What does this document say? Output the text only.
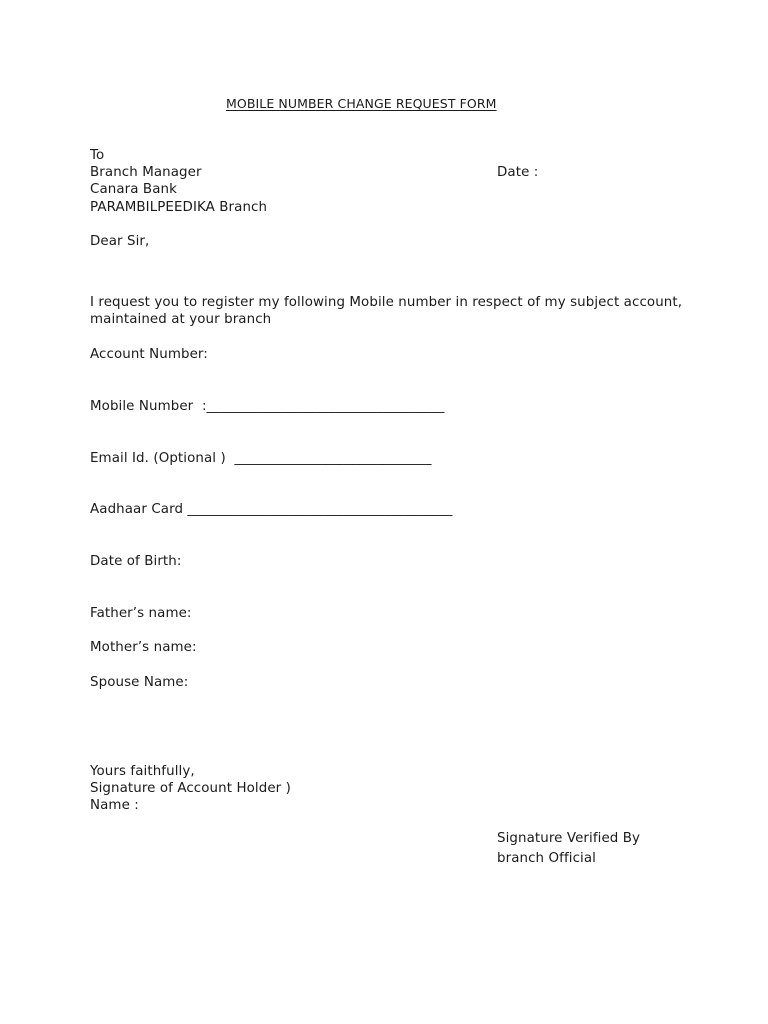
MOBILE NUMBER CHANGE REQUEST FORM
To
Branch Manager	Date :
Canara Bank
PARAMBILPEEDIKA Branch
Dear Sir,
I request you to register my following Mobile number in respect of my subject account,
maintained at your branch
Account Number:
Mobile Number  :___________________________________
Email Id. (Optional )  _____________________________
Aadhaar Card _______________________________________
Date of Birth:
Father’s name:
Mother’s name:
Spouse Name:
Yours faithfully,
Signature of Account Holder )
Name :
Signature Verified By
branch Official
